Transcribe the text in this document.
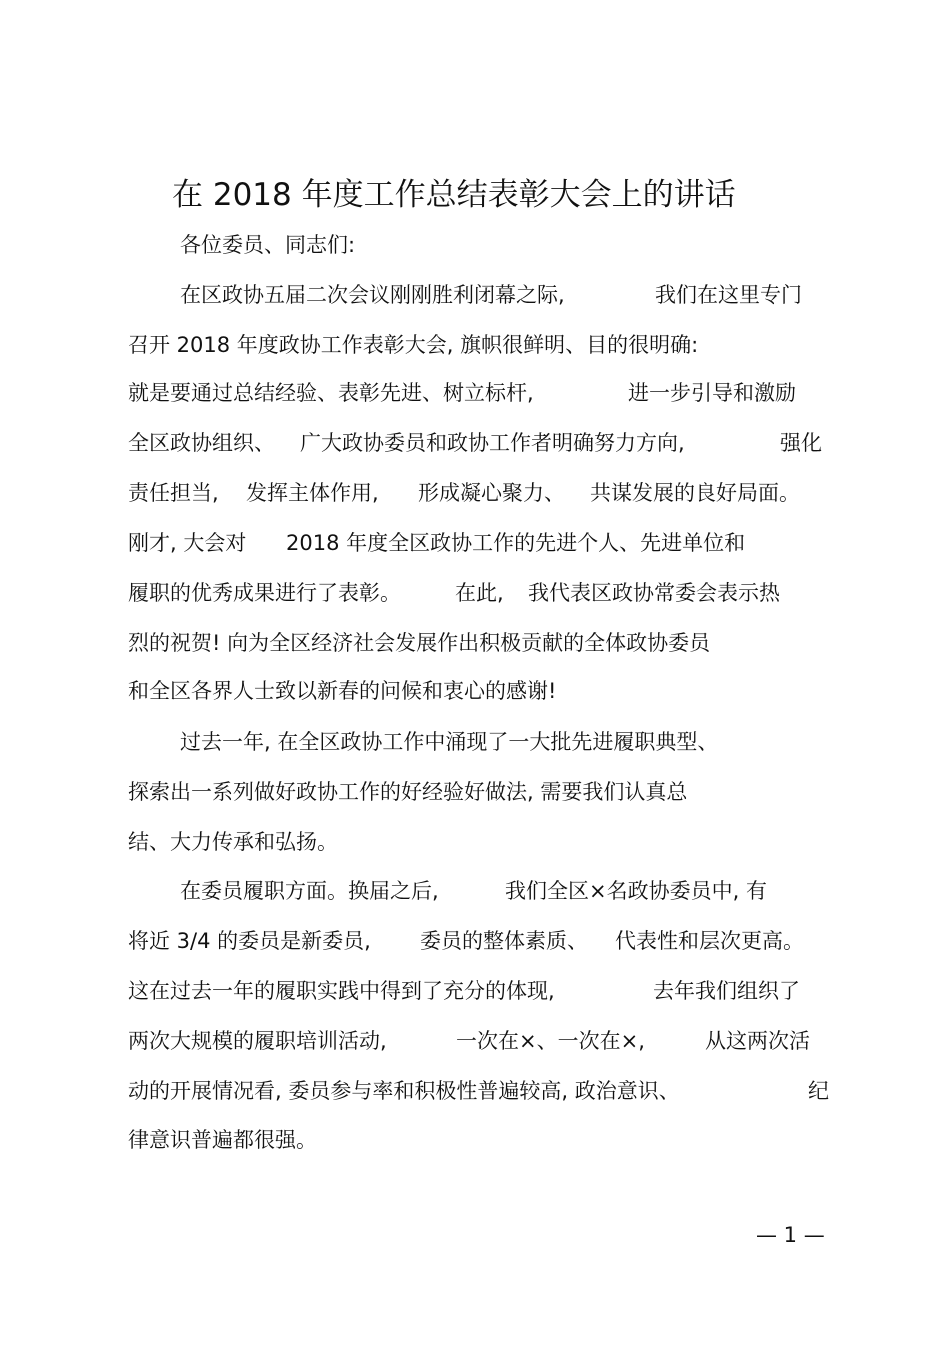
在 2018 年度工作总结表彰大会上的讲话
各位委员、同志们:
在区政协五届二次会议刚刚胜利闭幕之际,	我们在这里专门
召开 2018 年度政协工作表彰大会, 旗帜很鲜明、目的很明确:
就是要通过总结经验、表彰先进、树立标杆,	进一步引导和激励
全区政协组织、 广大政协委员和政协工作者明确努力方向,	强化
责任担当, 发挥主体作用, 形成凝心聚力、 共谋发展的良好局面。
刚才, 大会对 2018 年度全区政协工作的先进个人、先进单位和
履职的优秀成果进行了表彰。	在此, 我代表区政协常委会表示热
烈的祝贺! 向为全区经济社会发展作出积极贡献的全体政协委员
和全区各界人士致以新春的问候和衷心的感谢!
过去一年, 在全区政协工作中涌现了一大批先进履职典型、
探索出一系列做好政协工作的好经验好做法, 需要我们认真总
结、大力传承和弘扬。
在委员履职方面。换届之后,	我们全区×名政协委员中, 有
将近 3/4 的委员是新委员, 委员的整体素质、 代表性和层次更高。
这在过去一年的履职实践中得到了充分的体现,	去年我们组织了
两次大规模的履职培训活动,	一次在×、一次在×,	从这两次活
动的开展情况看, 委员参与率和积极性普遍较高, 政治意识、	纪
律意识普遍都很强。
— 1 —
